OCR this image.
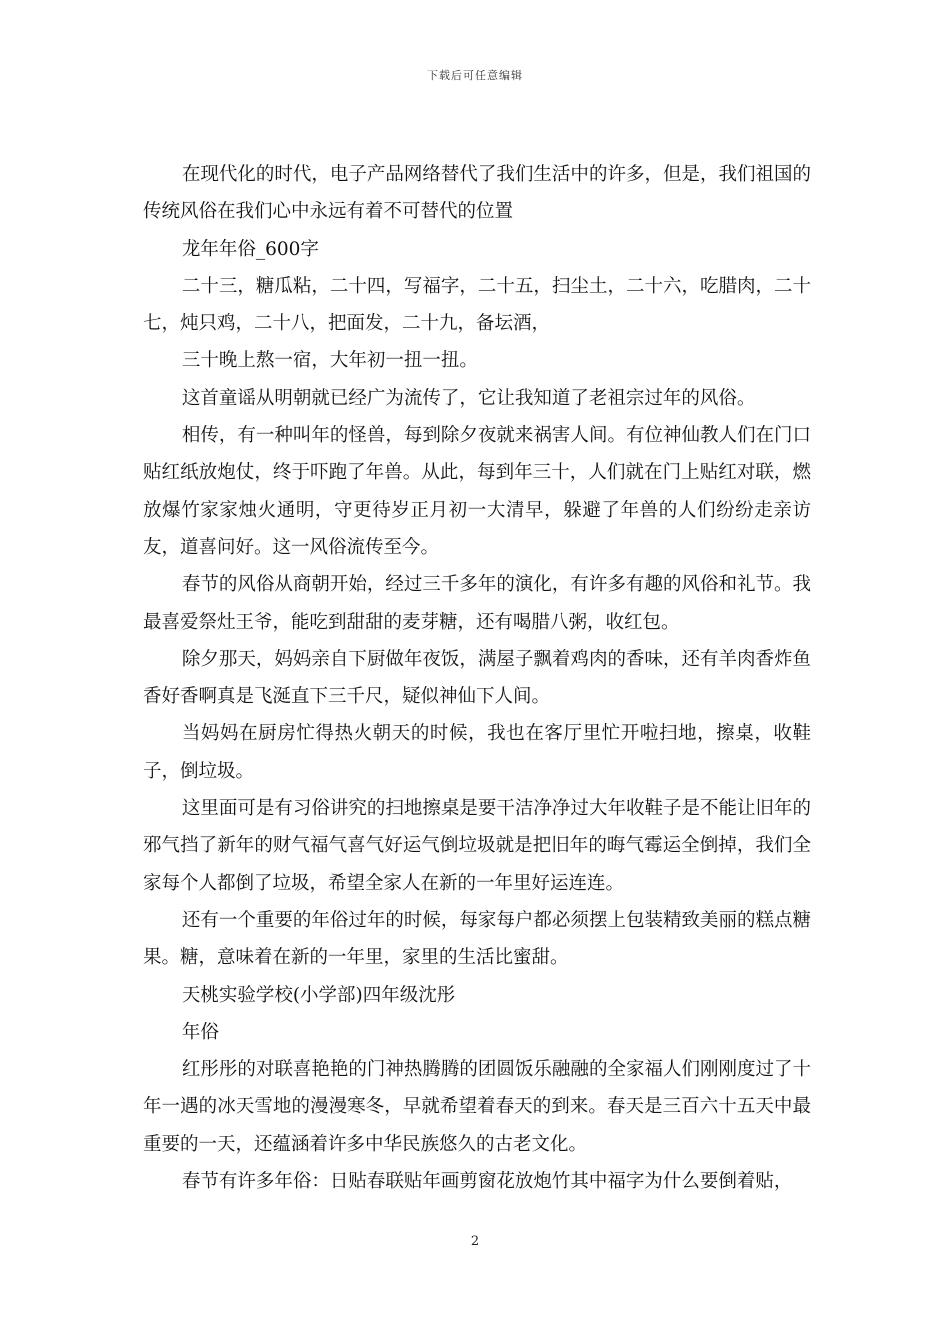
下载后可任意编辑

在现代化的时代，电子产品网络替代了我们生活中的许多，但是，我们祖国的传统风俗在我们心中永远有着不可替代的位置

龙年年俗_600字

二十三，糖瓜粘，二十四，写福字，二十五，扫尘土，二十六，吃腊肉，二十七，炖只鸡，二十八，把面发，二十九，备坛酒，

三十晚上熬一宿，大年初一扭一扭。

这首童谣从明朝就已经广为流传了，它让我知道了老祖宗过年的风俗。

相传，有一种叫年的怪兽，每到除夕夜就来祸害人间。有位神仙教人们在门口贴红纸放炮仗，终于吓跑了年兽。从此，每到年三十，人们就在门上贴红对联，燃放爆竹家家烛火通明，守更待岁正月初一大清早，躲避了年兽的人们纷纷走亲访友，道喜问好。这一风俗流传至今。

春节的风俗从商朝开始，经过三千多年的演化，有许多有趣的风俗和礼节。我最喜爱祭灶王爷，能吃到甜甜的麦芽糖，还有喝腊八粥，收红包。

除夕那天，妈妈亲自下厨做年夜饭，满屋子飘着鸡肉的香味，还有羊肉香炸鱼香好香啊真是飞涎直下三千尺，疑似神仙下人间。

当妈妈在厨房忙得热火朝天的时候，我也在客厅里忙开啦扫地，擦桌，收鞋子，倒垃圾。

这里面可是有习俗讲究的扫地擦桌是要干洁净净过大年收鞋子是不能让旧年的邪气挡了新年的财气福气喜气好运气倒垃圾就是把旧年的晦气霉运全倒掉，我们全家每个人都倒了垃圾，希望全家人在新的一年里好运连连。

还有一个重要的年俗过年的时候，每家每户都必须摆上包装精致美丽的糕点糖果。糖，意味着在新的一年里，家里的生活比蜜甜。

天桃实验学校(小学部)四年级沈彤

年俗

红彤彤的对联喜艳艳的门神热腾腾的团圆饭乐融融的全家福人们刚刚度过了十年一遇的冰天雪地的漫漫寒冬，早就希望着春天的到来。春天是三百六十五天中最重要的一天，还蕴涵着许多中华民族悠久的古老文化。

春节有许多年俗：日贴春联贴年画剪窗花放炮竹其中福字为什么要倒着贴，

2
